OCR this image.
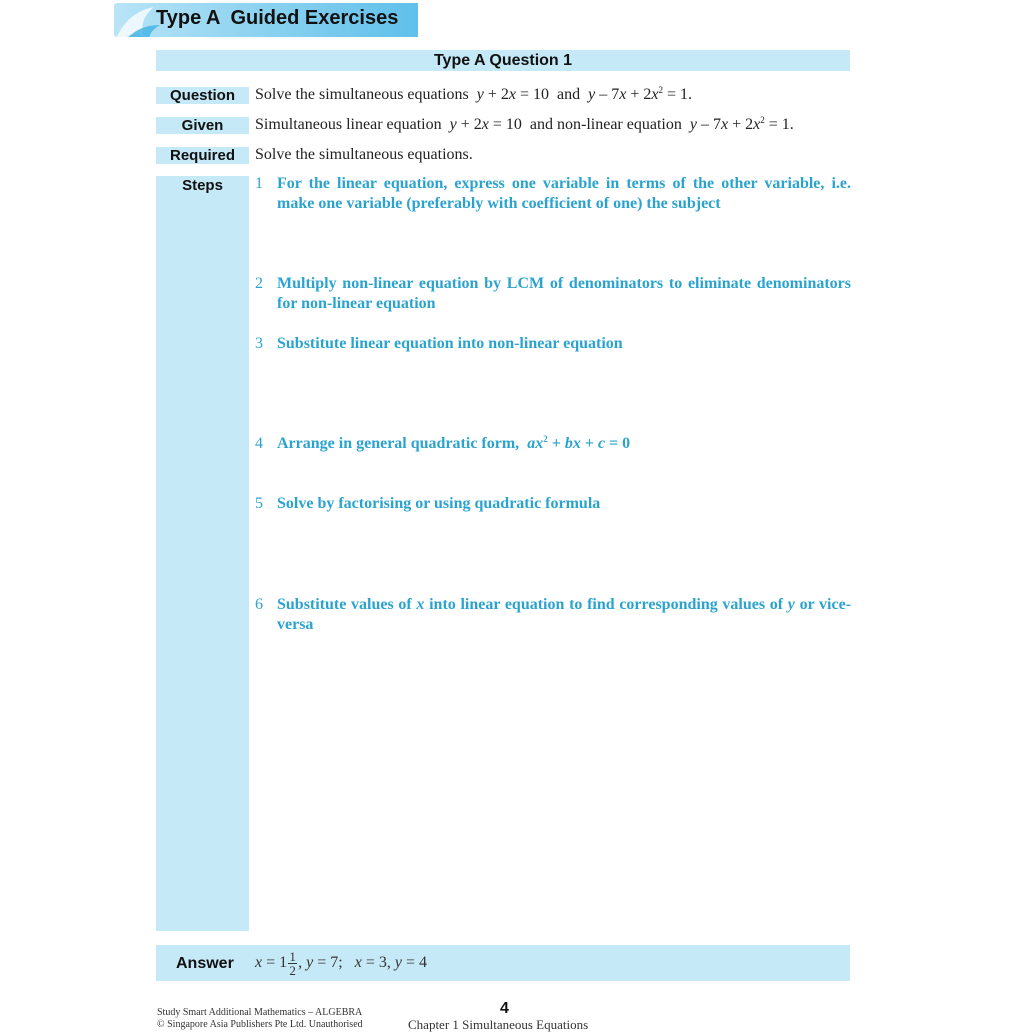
Type A Guided Exercises
Type A Question 1
Question	Solve the simultaneous equations y + 2x = 10  and $y - 7x + 2x^2 = 1$.
Given	Simultaneous linear equation y + 2x = 10  and non-linear equation $y - 7x + 2x^2 = 1$.
Required	Solve the simultaneous equations.
Steps	1 For the linear equation, express one variable in terms of the other variable, i.e. make one variable (preferably with coefficient of one) the subject
2 Multiply non-linear equation by LCM of denominators to eliminate denominators for non-linear equation
3 Substitute linear equation into non-linear equation
4 Arrange in general quadratic form, $ax^2$ + bx + c = 0
5 Solve by factorising or using quadratic formula
6 Substitute values of x into linear equation to find corresponding values of y or vice-versa
Answer $x = 1 \frac{1}{2}$ , y = 7; x = 3, y = 4
Study Smart Additional Mathematics – ALGEBRA
© Singapore Asia Publishers Pte Ltd. Unauthorised
4
Chapter 1 Simultaneous Equations
